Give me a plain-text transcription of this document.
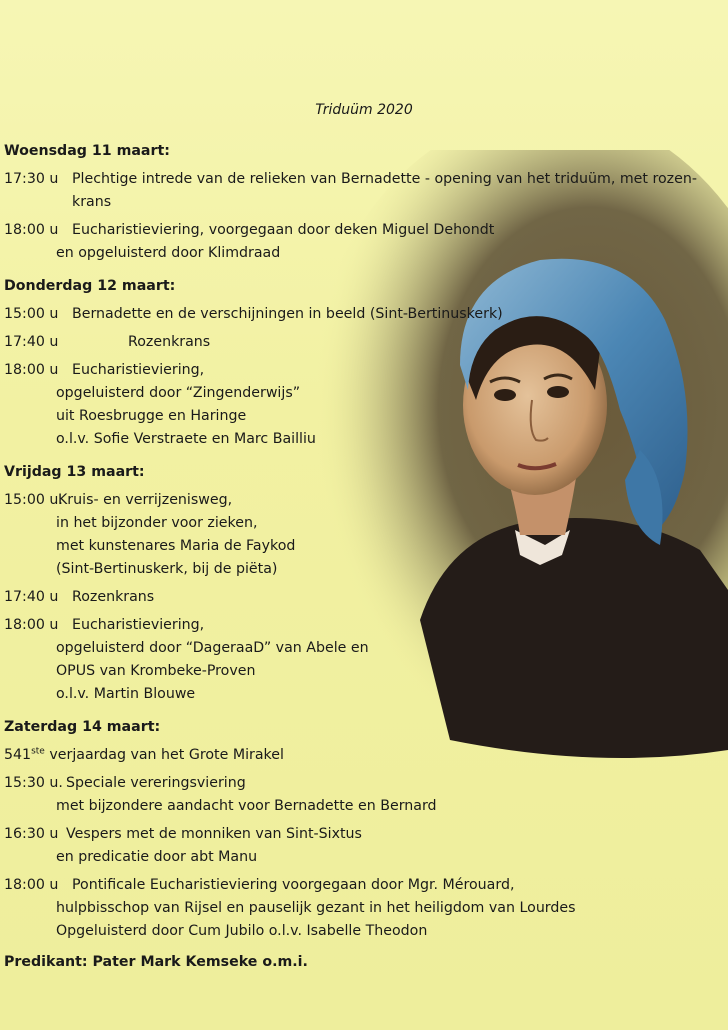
Triduüm 2020
Woensdag 11 maart:
17:30 u Plechtige intrede van de relieken van Bernadette - opening van het triduüm, met rozen-
krans
18:00 u Eucharistieviering, voorgegaan door deken Miguel Dehondt
en opgeluisterd door Klimdraad
Donderdag 12 maart:
15:00 u Bernadette en de verschijningen in beeld (Sint-Bertinuskerk)
17:40 u	Rozenkrans
18:00 u Eucharistieviering,
opgeluisterd door “Zingenderwijs”
uit Roesbrugge en Haringe
o.l.v. Sofie Verstraete en Marc Bailliu
Vrijdag 13 maart:
15:00 u.Kruis- en verrijzenisweg,
in het bijzonder voor zieken,
met kunstenares Maria de Faykod
(Sint-Bertinuskerk, bij de piëta)
17:40 u Rozenkrans
18:00 u Eucharistieviering,
opgeluisterd door “DageraaD” van Abele en
OPUS van Krombeke-Proven
o.l.v. Martin Blouwe
Zaterdag 14 maart:
541ste verjaardag van het Grote Mirakel
15:30 u. Speciale vereringsviering
met bijzondere aandacht voor Bernadette en Bernard
16:30 u Vespers met de monniken van Sint-Sixtus
en predicatie door abt Manu
18:00 u Pontificale Eucharistieviering voorgegaan door Mgr. Mérouard,
hulpbisschop van Rijsel en pauselijk gezant in het heiligdom van Lourdes
Opgeluisterd door Cum Jubilo o.l.v. Isabelle Theodon
Predikant: Pater Mark Kemseke o.m.i.
